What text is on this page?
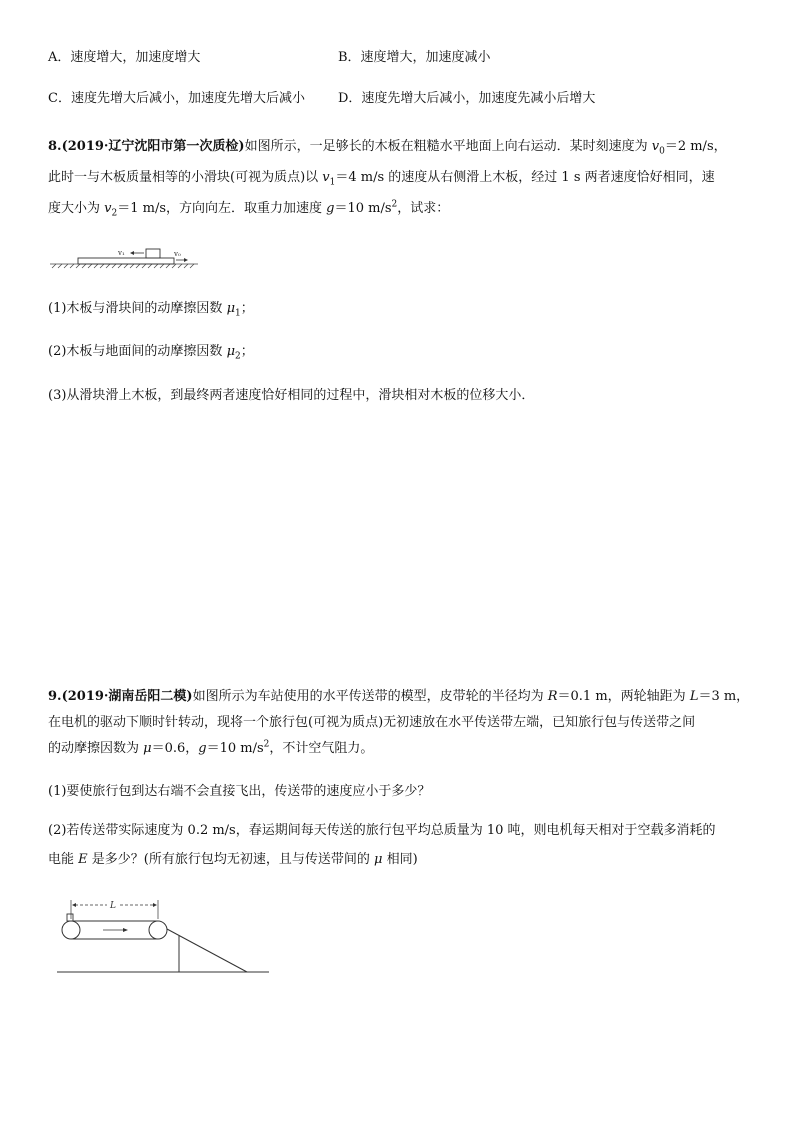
A．速度增大，加速度增大	B．速度增大，加速度减小
C．速度先增大后减小，加速度先增大后减小	D．速度先增大后减小，加速度先减小后增大
8.(2019·辽宁沈阳市第一次质检)如图所示，一足够长的木板在粗糙水平地面上向右运动．某时刻速度为 $v_0=2$ m/s，
此时一与木板质量相等的小滑块(可视为质点)以 $v_1=4$ m/s 的速度从右侧滑上木板，经过 1 s 两者速度恰好相同，速
度大小为 $v_2=1$ m/s，方向向左．取重力加速度 g＝10 $m/s^2$，试求：
v₁	v₀
(1)木板与滑块间的动摩擦因数 $\mu_1$；
(2)木板与地面间的动摩擦因数 $\mu_2$；
(3)从滑块滑上木板，到最终两者速度恰好相同的过程中，滑块相对木板的位移大小．
9.(2019·湖南岳阳二模)如图所示为车站使用的水平传送带的模型，皮带轮的半径均为 R＝0.1 m，两轮轴距为 L＝3 m，
在电机的驱动下顺时针转动，现将一个旅行包(可视为质点)无初速放在水平传送带左端，已知旅行包与传送带之间
的动摩擦因数为 μ＝0.6，g＝10 $m/s^2$，不计空气阻力。
(1)要使旅行包到达右端不会直接飞出，传送带的速度应小于多少？
(2)若传送带实际速度为 0.2 m/s，春运期间每天传送的旅行包平均总质量为 10 吨，则电机每天相对于空载多消耗的
电能 E 是多少？(所有旅行包均无初速，且与传送带间的 μ 相同)
L
